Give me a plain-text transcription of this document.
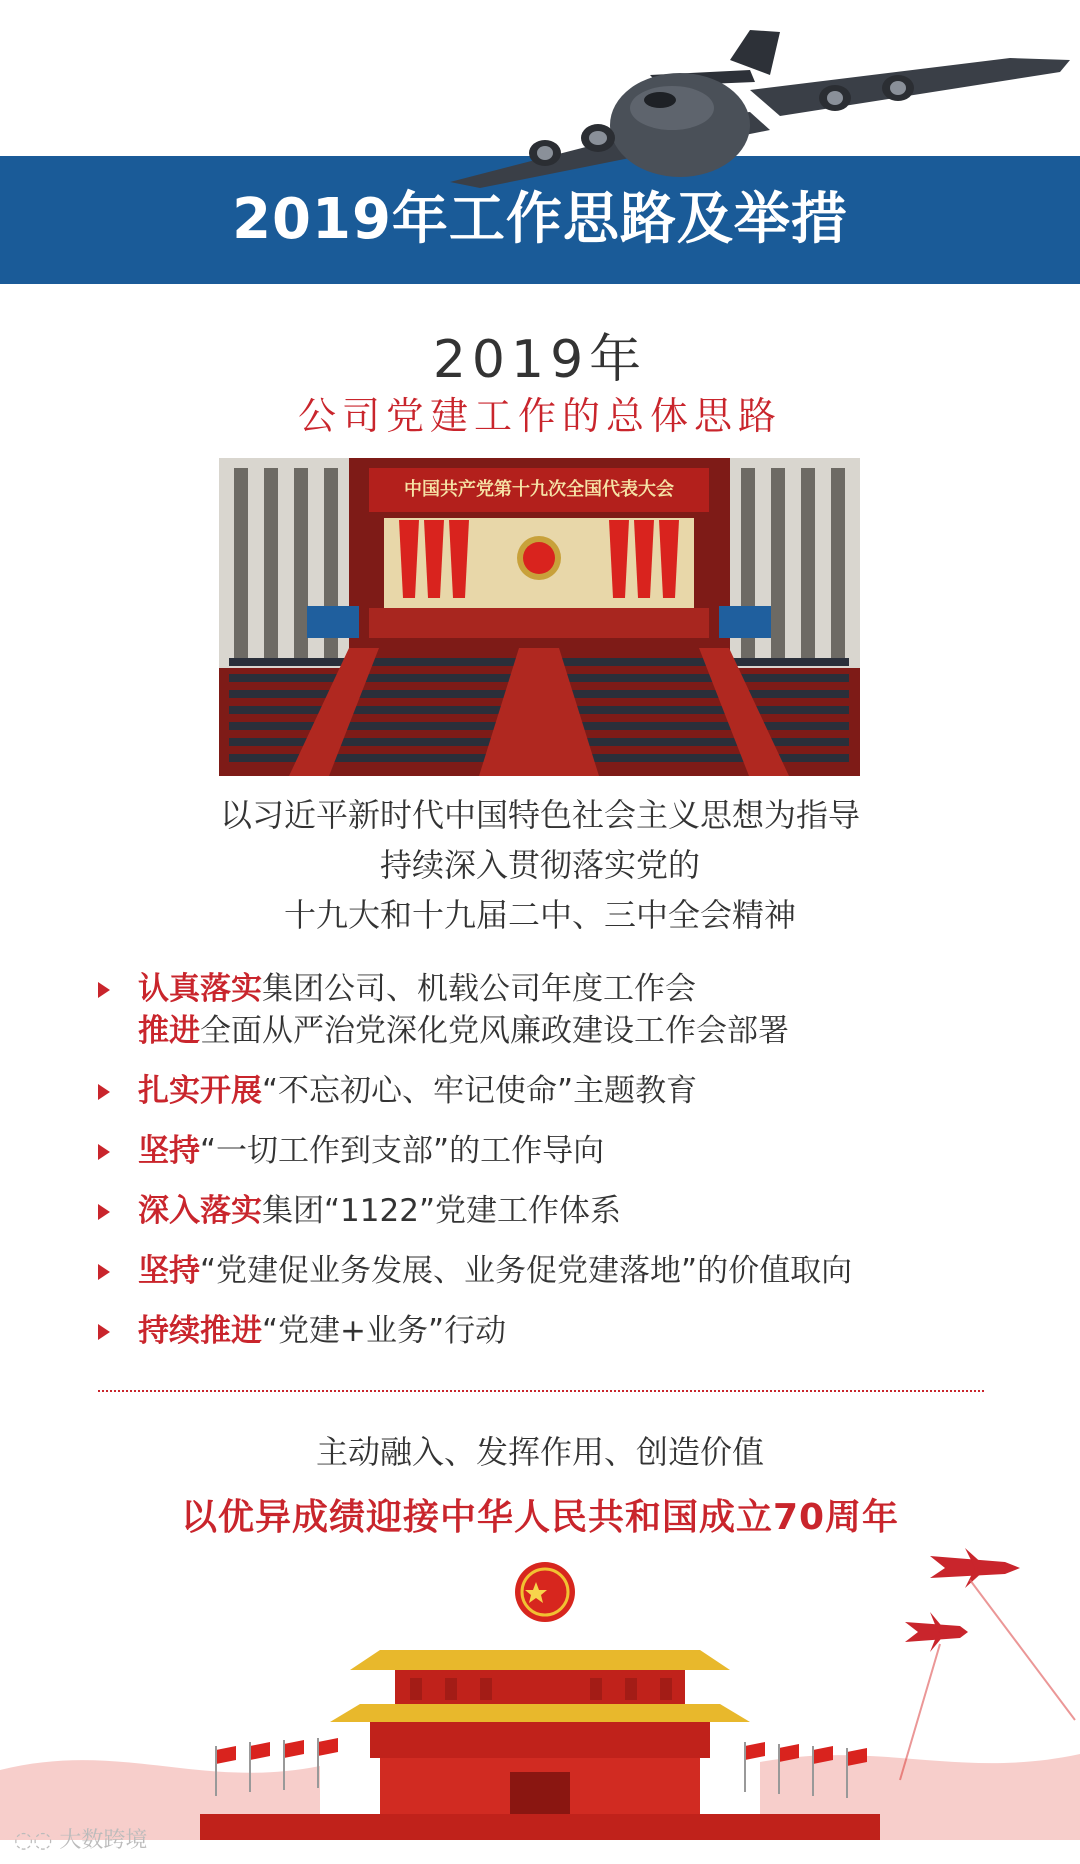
2019年工作思路及举措
2019年
公司党建工作的总体思路
中国共产党第十九次全国代表大会
以习近平新时代中国特色社会主义思想为指导
持续深入贯彻落实党的
十九大和十九届二中、三中全会精神
认真落实集团公司、机载公司年度工作会
推进全面从严治党深化党风廉政建设工作会部署
扎实开展“不忘初心、牢记使命”主题教育
坚持“一切工作到支部”的工作导向
深入落实集团“1122”党建工作体系
坚持“党建促业务发展、业务促党建落地”的价值取向
持续推进“党建+业务”行动
主动融入、发挥作用、创造价值
以优异成绩迎接中华人民共和国成立70周年
◌◌ 大数跨境
